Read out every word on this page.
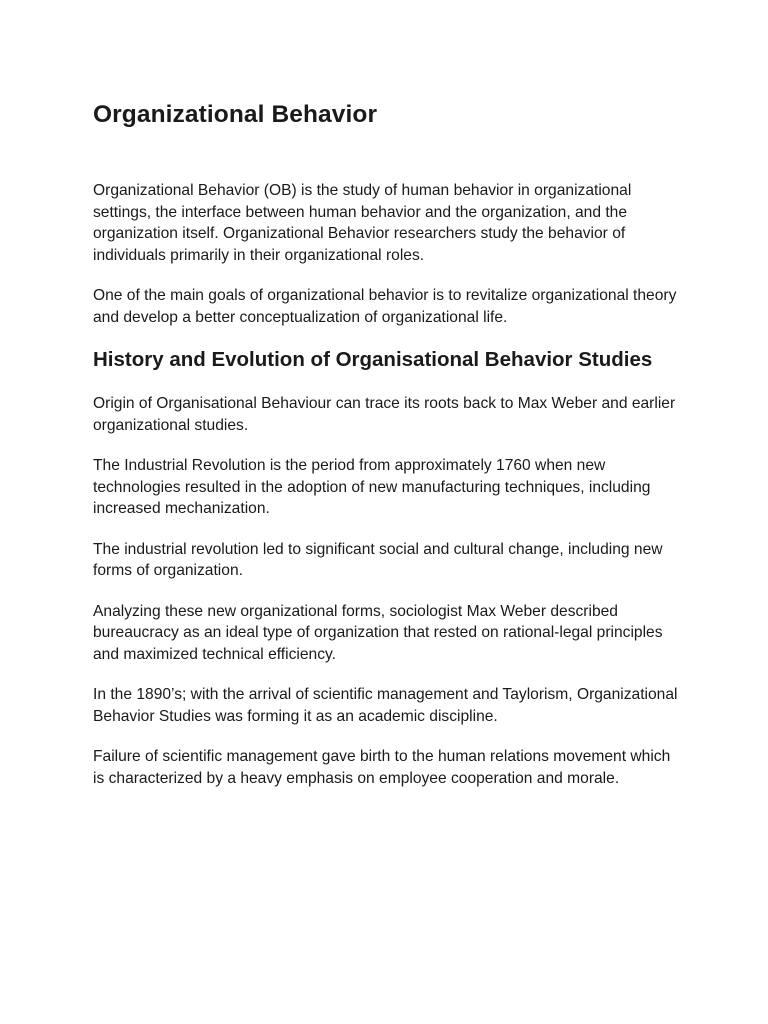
Organizational Behavior

Organizational Behavior (OB) is the study of human behavior in organizational settings, the interface between human behavior and the organization, and the organization itself. Organizational Behavior researchers study the behavior of individuals primarily in their organizational roles.

One of the main goals of organizational behavior is to revitalize organizational theory and develop a better conceptualization of organizational life.

History and Evolution of Organisational Behavior Studies

Origin of Organisational Behaviour can trace its roots back to Max Weber and earlier organizational studies.

The Industrial Revolution is the period from approximately 1760 when new technologies resulted in the adoption of new manufacturing techniques, including increased mechanization.

The industrial revolution led to significant social and cultural change, including new forms of organization.

Analyzing these new organizational forms, sociologist Max Weber described bureaucracy as an ideal type of organization that rested on rational-legal principles and maximized technical efficiency.

In the 1890’s; with the arrival of scientific management and Taylorism, Organizational Behavior Studies was forming it as an academic discipline.

Failure of scientific management gave birth to the human relations movement which is characterized by a heavy emphasis on employee cooperation and morale.
